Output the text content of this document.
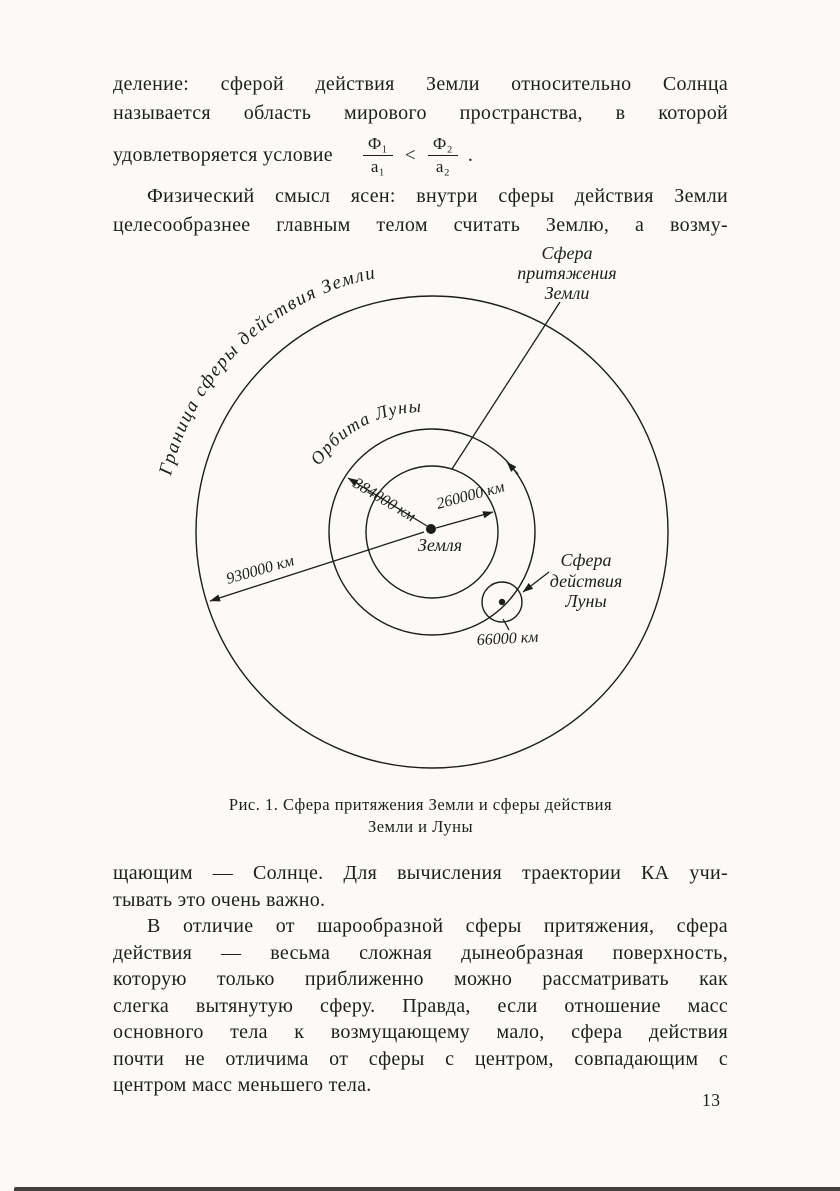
деление: сферой действия Земли относительно Солнца
называется область мирового пространства, в которой
удовлетворяется условие $\frac{\text{Ф₁}}{\text{a₁}} < \frac{\text{Ф₂}}{\text{a₂}}$ .
Физический смысл ясен: внутри сферы действия Земли
целесообразнее главным телом считать Землю, а возму-
Граница сферы действия Земли
Орбита Луны
Сфера
притяжения
Земли
Сфера
действия
Луны
Земля
384000 км 260000 км
930000 км
66000 км
Рис. 1. Сфера притяжения Земли и сферы действия
Земли и Луны
щающим — Солнце. Для вычисления траектории КА учи-
тывать это очень важно.
В отличие от шарообразной сферы притяжения, сфера
действия — весьма сложная дынеобразная поверхность,
которую только приближенно можно рассматривать как
слегка вытянутую сферу. Правда, если отношение масс
основного тела к возмущающему мало, сфера действия
почти не отличима от сферы с центром, совпадающим с
центром масс меньшего тела.
13
